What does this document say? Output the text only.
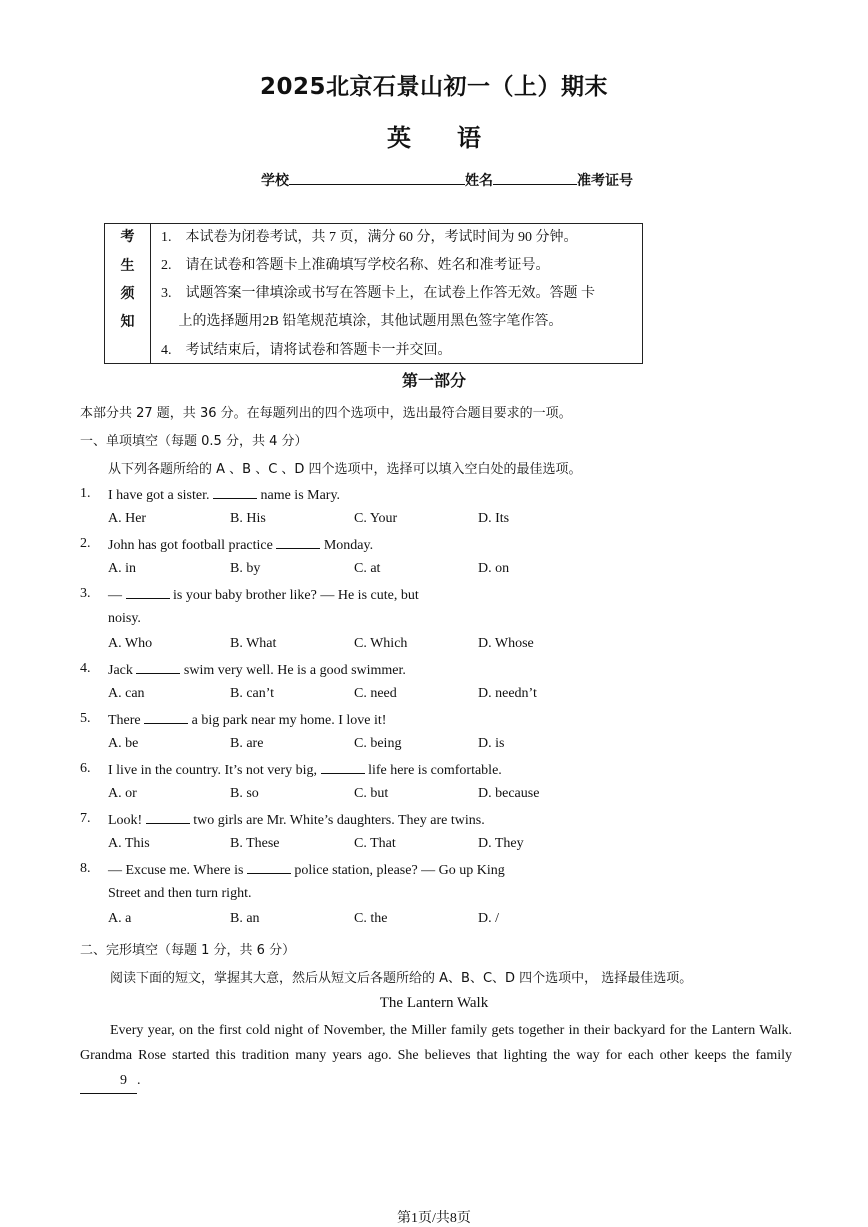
2025北京石景山初一（上）期末
英 语
学校	姓名	准考证号
考
生
须
知
1.　本试卷为闭卷考试，共 7 页，满分 60 分，考试时间为 90 分钟。
2.　请在试卷和答题卡上准确填写学校名称、姓名和准考证号。
3.　试题答案一律填涂或书写在答题卡上，在试卷上作答无效。答题 卡
　 上的选择题用2B 铅笔规范填涂，其他试题用黑色签字笔作答。
4.　考试结束后，请将试卷和答题卡一并交回。
第一部分
本部分共 27 题，共 36 分。在每题列出的四个选项中，选出最符合题目要求的一项。
一、单项填空（每题 0.5 分，共 4 分）
从下列各题所给的 A 、B 、C 、D 四个选项中，选择可以填入空白处的最佳选项。
1. I have got a sister.	name is Mary.
A. Her	B. His	C. Your	D. Its
2. John has got football practice	Monday.
A. in	B. by	C. at	D. on
3. —	is your baby brother like? — He is cute, but
noisy.
A. Who	B. What	C. Which	D. Whose
4. Jack	swim very well. He is a good swimmer.
A. can	B. can’t	C. need	D. needn’t
5. There	a big park near my home. I love it!
A. be	B. are	C. being	D. is
6. I live in the country. It’s not very big,	life here is comfortable.
A. or	B. so	C. but	D. because
7. Look!	two girls are Mr. White’s daughters. They are twins.
A. This	B. These	C. That	D. They
8. — Excuse me. Where is	police station, please? — Go up King
Street and then turn right.
A. a	B. an	C. the	D. /
二、完形填空（每题 1 分，共 6 分）
阅读下面的短文，掌握其大意，然后从短文后各题所给的 A、B、C、D 四个选项中， 选择最佳选项。
The Lantern Walk
Every year, on the first cold night of November, the Miller family gets together in their backyard for the Lantern Walk. Grandma Rose started this tradition many years ago. She believes that lighting the way for each other keeps the family 9 .
第1页/共8页
